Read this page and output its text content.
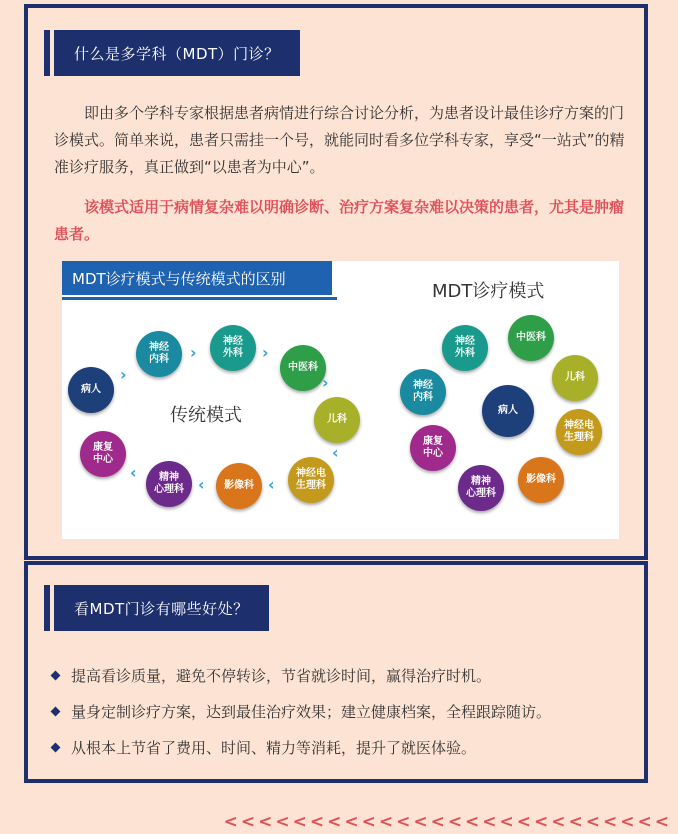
什么是多学科（MDT）门诊？

即由多个学科专家根据患者病情进行综合讨论分析，为患者设计最佳诊疗方案的门诊模式。简单来说，患者只需挂一个号，就能同时看多位学科专家，享受“一站式”的精准诊疗服务，真正做到“以患者为中心”。

该模式适用于病情复杂难以明确诊断、治疗方案复杂难以决策的患者，尤其是肿瘤患者。

MDT诊疗模式与传统模式的区别
MDT诊疗模式
传统模式
病人
神经
内科
神经
外科
中医科
儿科
神经电
生理科
影像科
精神
心理科
康复
中心
›
›	›
›
‹
‹
‹
‹
病人
神经
外科
中医科
儿科
神经电
生理科
影像科
精神
心理科
康复
中心
神经
内科
看MDT门诊有哪些好处？
提高看诊质量，避免不停转诊，节省就诊时间，赢得治疗时机。
量身定制诊疗方案，达到最佳治疗效果；建立健康档案，全程跟踪随访。
从根本上节省了费用、时间、精力等消耗，提升了就医体验。
<<<<<<<<<<<<<<<<<<<<<<<<<<
